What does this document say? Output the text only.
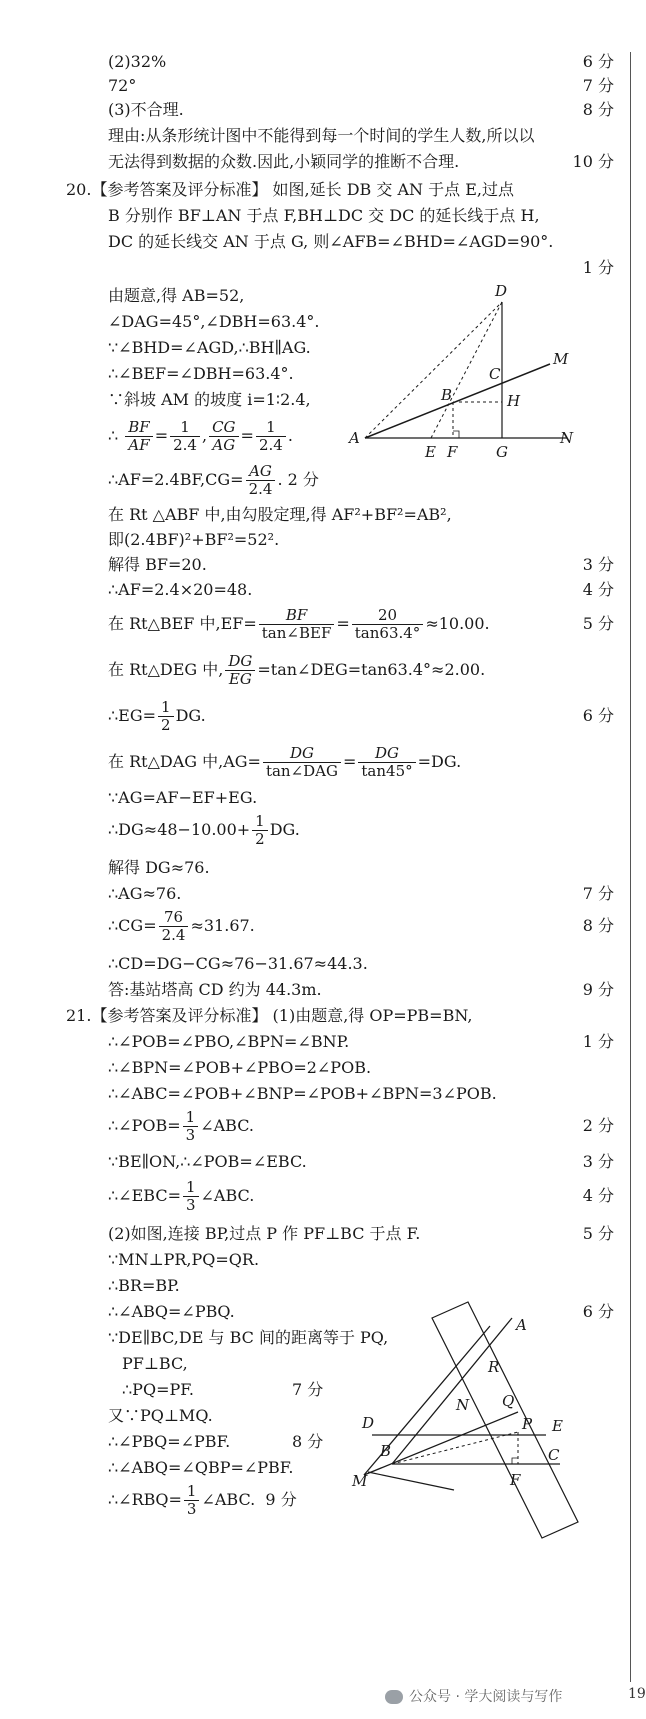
(2)32%	6 分
72°	7 分
(3)不合理.	8 分
理由:从条形统计图中不能得到每一个时间的学生人数,所以以
无法得到数据的众数.因此,小颖同学的推断不合理.	10 分
20.【参考答案及评分标准】 如图,延长 DB 交 AN 于点 E,过点
B 分别作 BF⊥AN 于点 F,BH⊥DC 交 DC 的延长线于点 H,
DC 的延长线交 AN 于点 G, 则∠AFB=∠BHD=∠AGD=90°.
1 分
由题意,得 AB=52,
∠DAG=45°,∠DBH=63.4°.
∵∠BHD=∠AGD,∴BH∥AG.
∴∠BEF=∠DBH=63.4°.
∵斜坡 AM 的坡度 i=1∶2.4,
∴ $\frac{BF}{AF} = \frac{1}{2.4}$ , $\frac{CG}{AG} = \frac{1}{2.4}$ .
∴AF=2.4BF,CG= $\frac{AG}{2.4}$ . 2 分
D
M
C
B	H
A	N
E F	G
在 Rt △ABF 中,由勾股定理,得 AF²+BF²=AB²,
即(2.4BF)²+BF²=52².
解得 BF=20.	3 分
∴AF=2.4×20=48.	4 分
在 Rt△BEF 中$,EF= \frac{BF}{\text{tan∠BEF}} = \frac{20}{\tan 63.4^\circ} \approx 10.00$.	5 分
在 Rt△DEG 中, $\frac{DG}{EG}$ =tan∠DEG=tan63.4°≈2.00.
∴EG= $\frac{1}{2}$ DG.	6 分
在 Rt△DAG 中$,AG= \frac{DG}{\text{tan∠DAG}} = \frac{DG}{\tan 45^\circ} =DG$.
∵AG=AF−EF+EG.
∴DG≈48−10.00+ $\frac{1}{2}$ DG.
解得 DG≈76.
∴AG≈76.	7 分
∴CG= $\frac{76}{2.4} \approx 31.67$.	8 分
∴CD=DG−CG≈76−31.67≈44.3.
答:基站塔高 CD 约为 44.3m.	9 分
21.【参考答案及评分标准】 (1)由题意,得 OP=PB=BN,
∴∠POB=∠PBO,∠BPN=∠BNP.	1 分
∴∠BPN=∠POB+∠PBO=2∠POB.
∴∠ABC=∠POB+∠BNP=∠POB+∠BPN=3∠POB.
∴∠POB= $\frac{1}{3}$ ∠ABC.	2 分
∵BE∥ON,∴∠POB=∠EBC.	3 分
∴∠EBC= $\frac{1}{3}$ ∠ABC.	4 分
(2)如图,连接 BP,过点 P 作 PF⊥BC 于点 F.	5 分
∵MN⊥PR,PQ=QR.
∴BR=BP.
∴∠ABQ=∠PBQ.	6 分
∵DE∥BC,DE 与 BC 间的距离等于 PQ,
PF⊥BC,
∴PQ=PF.	7 分
又∵PQ⊥MQ.
∴∠PBQ=∠PBF.	8 分
∴∠ABQ=∠QBP=∠PBF.
∴∠RBQ= $\frac{1}{3}$ ∠ABC. 9 分
A
R
Q
N
P
D	E
B	C
M	F
公众号 · 学大阅读与写作	19
